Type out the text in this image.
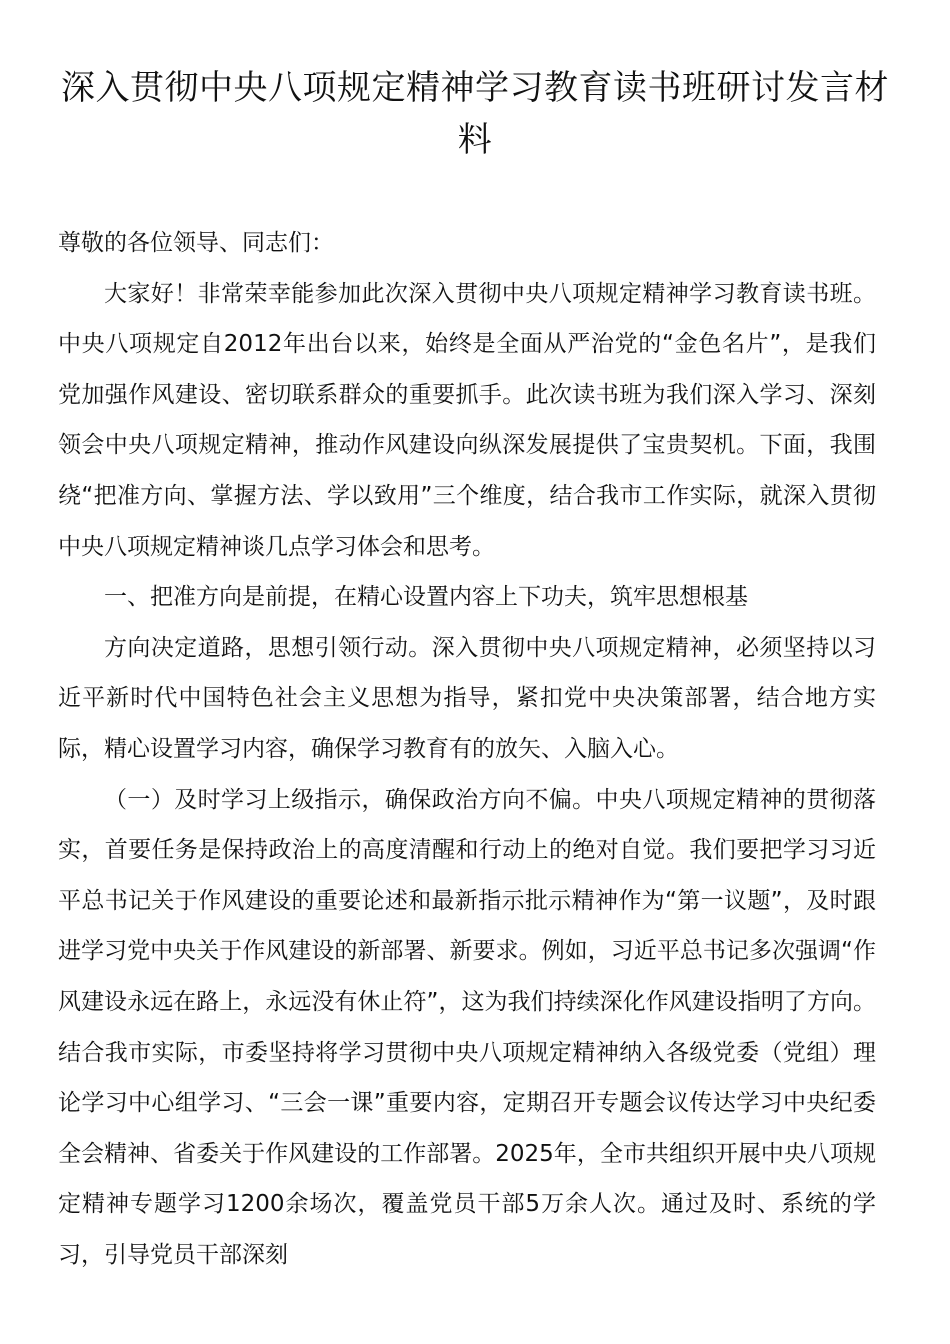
深入贯彻中央八项规定精神学习教育读书班研讨发言材料

尊敬的各位领导、同志们：

大家好！非常荣幸能参加此次深入贯彻中央八项规定精神学习教育读书班。中央八项规定自2012年出台以来，始终是全面从严治党的“金色名片”，是我们党加强作风建设、密切联系群众的重要抓手。此次读书班为我们深入学习、深刻领会中央八项规定精神，推动作风建设向纵深发展提供了宝贵契机。下面，我围绕“把准方向、掌握方法、学以致用”三个维度，结合我市工作实际，就深入贯彻中央八项规定精神谈几点学习体会和思考。

一、把准方向是前提，在精心设置内容上下功夫，筑牢思想根基

方向决定道路，思想引领行动。深入贯彻中央八项规定精神，必须坚持以习近平新时代中国特色社会主义思想为指导，紧扣党中央决策部署，结合地方实际，精心设置学习内容，确保学习教育有的放矢、入脑入心。

（一）及时学习上级指示，确保政治方向不偏。中央八项规定精神的贯彻落实，首要任务是保持政治上的高度清醒和行动上的绝对自觉。我们要把学习习近平总书记关于作风建设的重要论述和最新指示批示精神作为“第一议题”，及时跟进学习党中央关于作风建设的新部署、新要求。例如，习近平总书记多次强调“作风建设永远在路上，永远没有休止符”，这为我们持续深化作风建设指明了方向。结合我市实际，市委坚持将学习贯彻中央八项规定精神纳入各级党委（党组）理论学习中心组学习、“三会一课”重要内容，定期召开专题会议传达学习中央纪委全会精神、省委关于作风建设的工作部署。2025年，全市共组织开展中央八项规定精神专题学习1200余场次，覆盖党员干部5万余人次。通过及时、系统的学习，引导党员干部深刻
